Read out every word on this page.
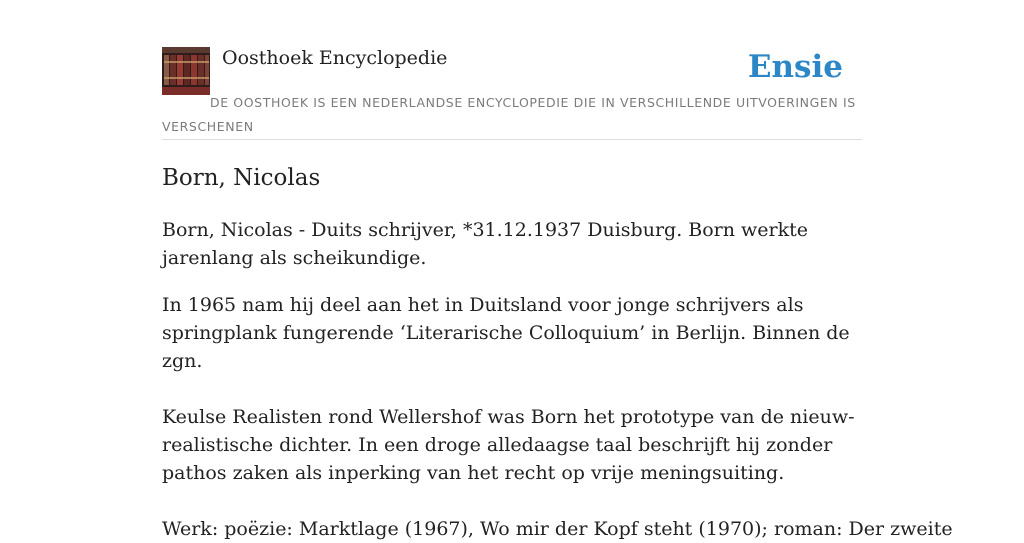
Oosthoek Encyclopedie	Ensie
DE OOSTHOEK IS EEN NEDERLANDSE ENCYCLOPEDIE DIE IN VERSCHILLENDE UITVOERINGEN IS VERSCHENEN
Born, Nicolas

Born, Nicolas - Duits schrijver, *31.12.1937 Duisburg. Born werkte jarenlang als scheikundige.

In 1965 nam hij deel aan het in Duitsland voor jonge schrijvers als springplank fungerende ‘Literarische Colloquium’ in Berlijn. Binnen de zgn.

Keulse Realisten rond Wellershof was Born het prototype van de nieuw-realistische dichter. In een droge alledaagse taal beschrijft hij zonder pathos zaken als inperking van het recht op vrije meningsuiting.

Werk: poëzie: Marktlage (1967), Wo mir der Kopf steht (1970); roman: Der zweite
